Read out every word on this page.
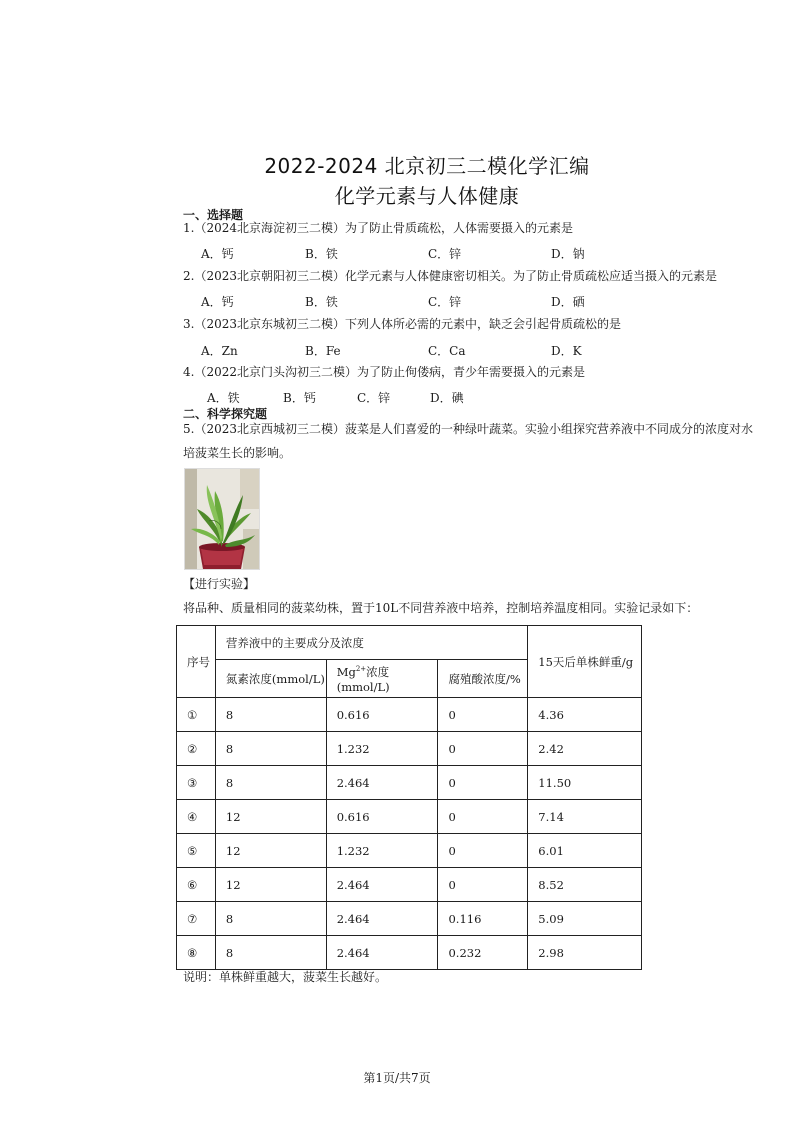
2022-2024 北京初三二模化学汇编
化学元素与人体健康
一、选择题
1.（2024北京海淀初三二模）为了防止骨质疏松，人体需要摄入的元素是
A．钙	B．铁	C．锌	D．钠
2.（2023北京朝阳初三二模）化学元素与人体健康密切相关。为了防止骨质疏松应适当摄入的元素是
A．钙	B．铁	C．锌	D．硒
3.（2023北京东城初三二模）下列人体所必需的元素中，缺乏会引起骨质疏松的是
A．Zn	B．Fe	C．Ca	D．K
4.（2022北京门头沟初三二模）为了防止佝偻病，青少年需要摄入的元素是
A．铁	B．钙	C．锌	D．碘
二、科学探究题
5.（2023北京西城初三二模）菠菜是人们喜爱的一种绿叶蔬菜。实验小组探究营养液中不同成分的浓度对水培菠菜生长的影响。
【进行实验】
将品种、质量相同的菠菜幼株，置于10L不同营养液中培养，控制培养温度相同。实验记录如下：
序号	营养液中的主要成分及浓度			15天后单株鲜重/g
	氮素浓度(mmol/L)	$Mg^{2+}$浓度(mmol/L)	腐殖酸浓度/%	
①	8	0.616	0	4.36
②	8	1.232	0	2.42
③	8	2.464	0	11.50
④	12	0.616	0	7.14
⑤	12	1.232	0	6.01
⑥	12	2.464	0	8.52
⑦	8	2.464	0.116	5.09
⑧	8	2.464	0.232	2.98
说明：单株鲜重越大，菠菜生长越好。
第1页/共7页
